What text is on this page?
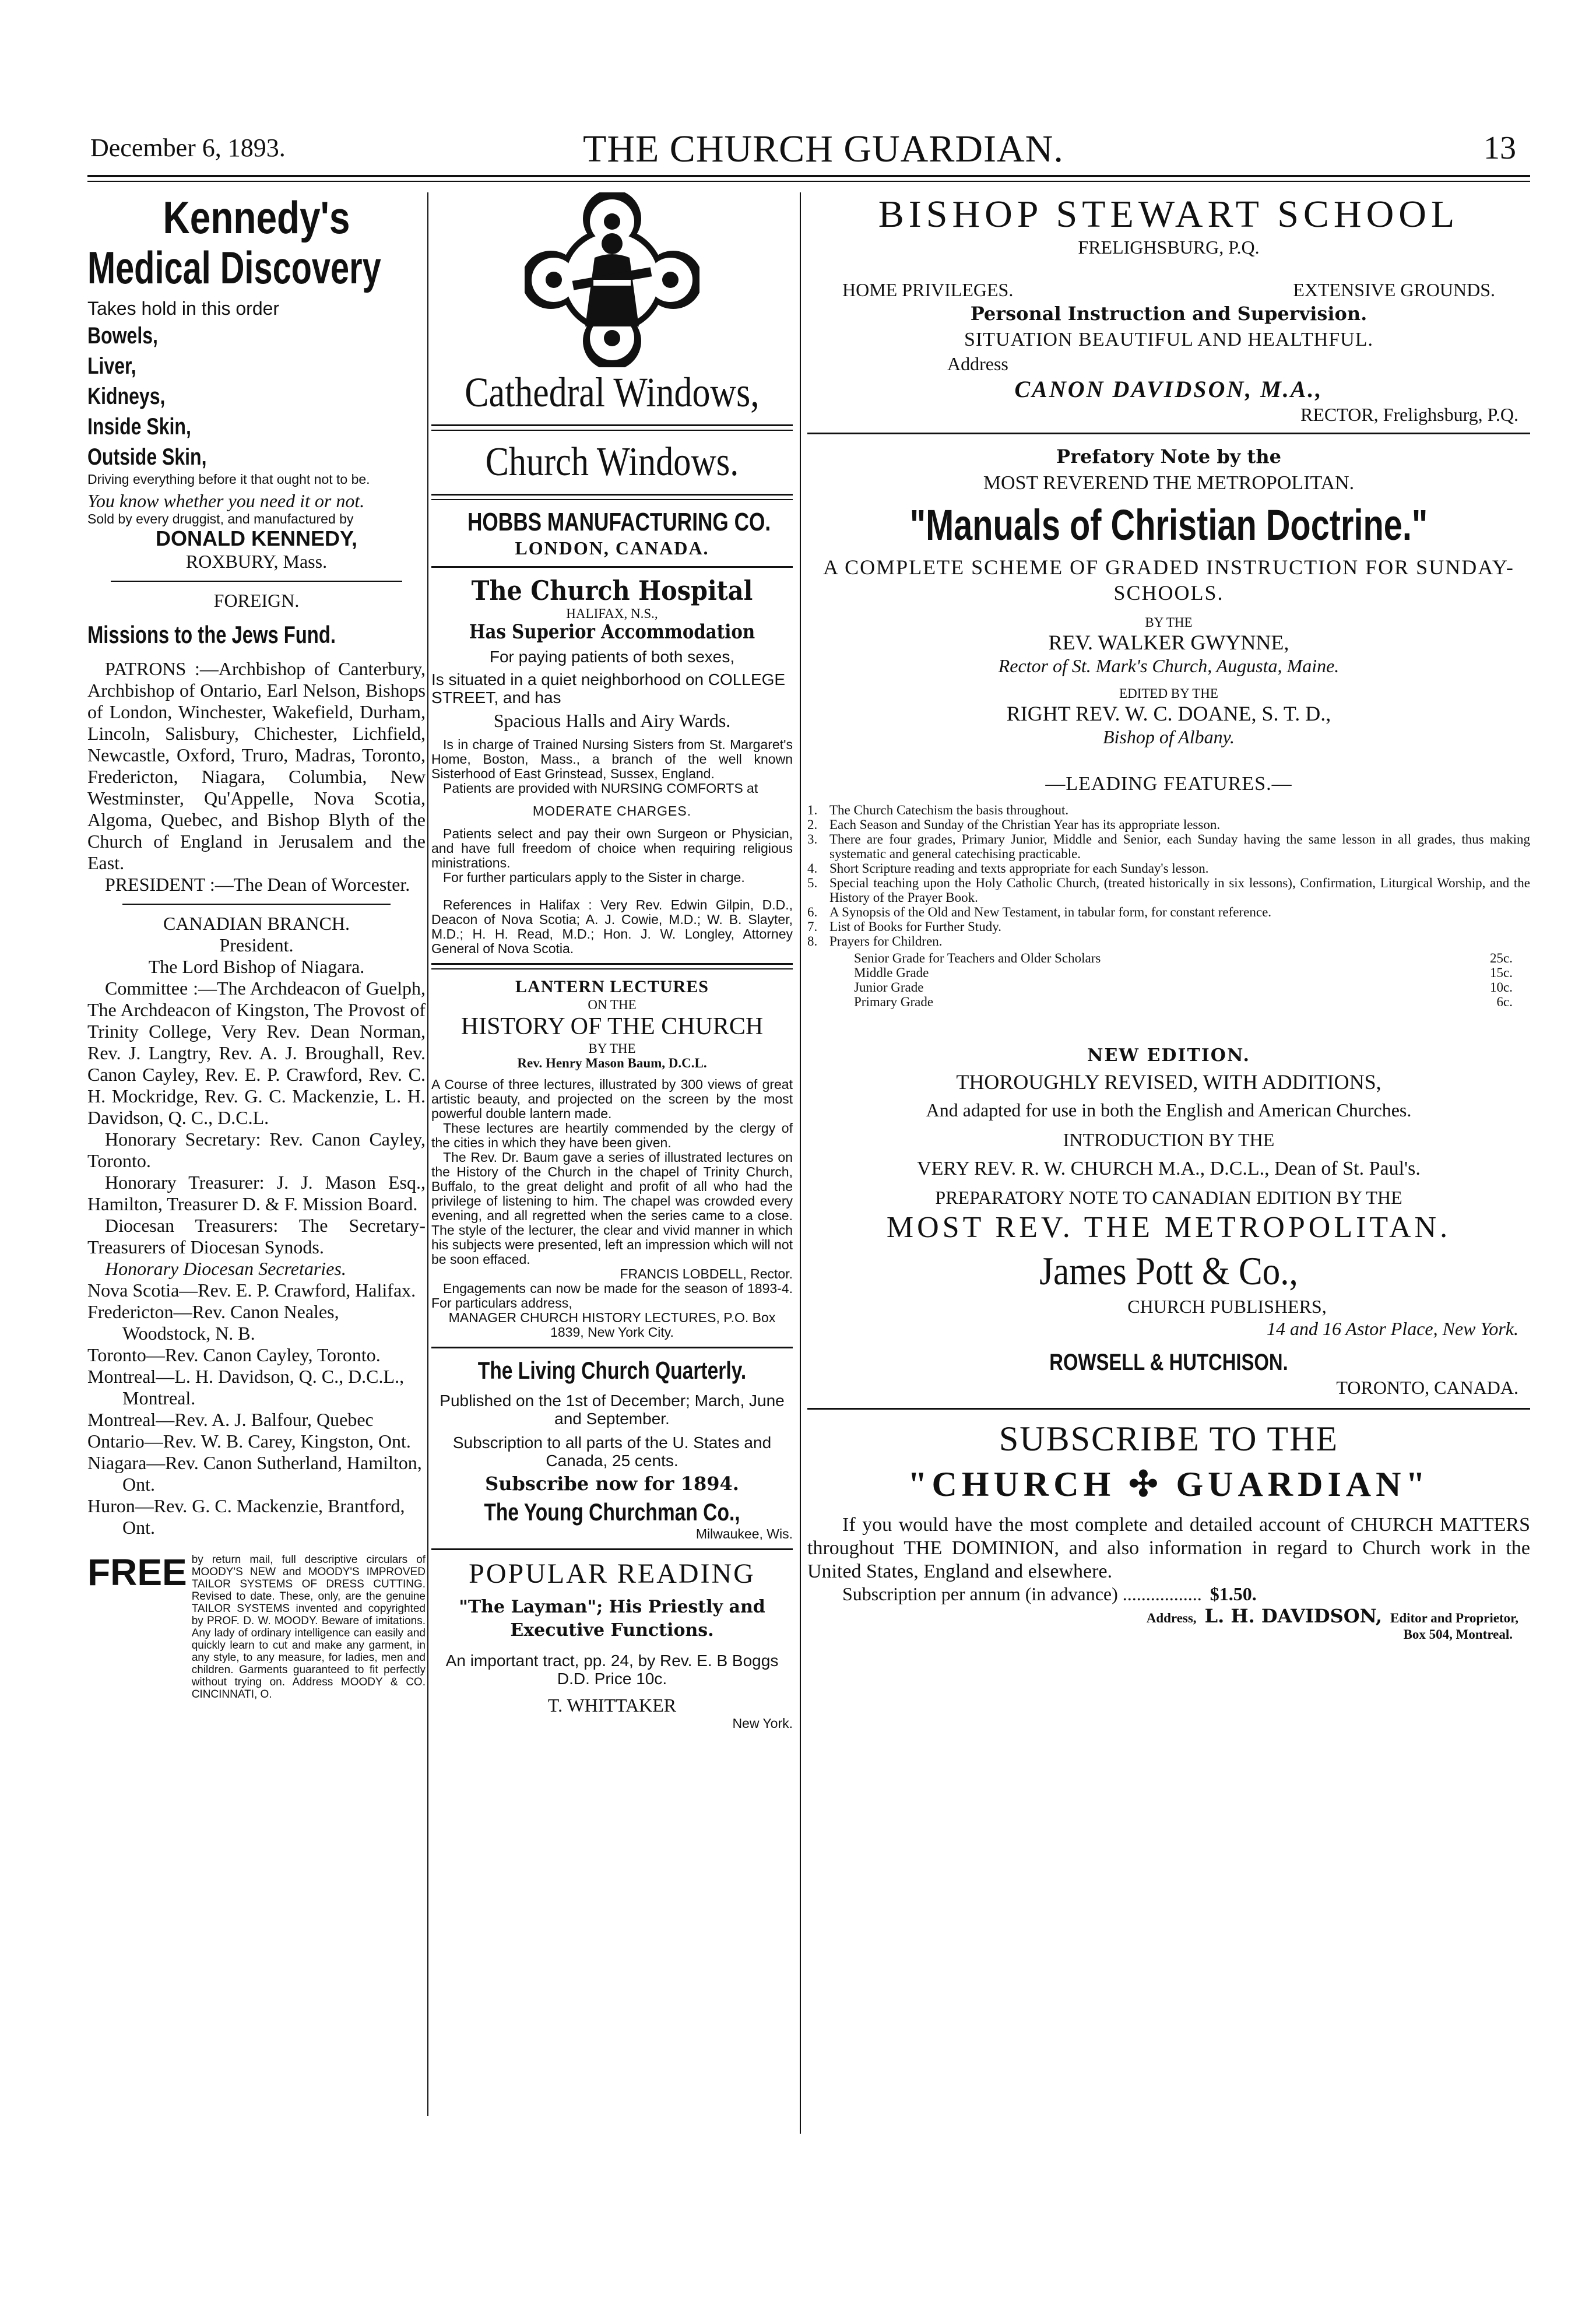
December 6, 1893.	THE CHURCH GUARDIAN.	13

Kennedy's

Medical Discovery

Takes hold in this order

Bowels,

Liver,

Kidneys,

Inside Skin,

Outside Skin,

Driving everything before it that ought not to be.

You know whether you need it or not.

Sold by every druggist, and manufactured by

DONALD KENNEDY,

ROXBURY, Mass.

FOREIGN.

Missions to the Jews Fund.

PATRONS :—Archbishop of Canterbury, Archbishop of Ontario, Earl Nelson, Bishops of London, Winchester, Wakefield, Durham, Lincoln, Salisbury, Chichester, Lichfield, Newcastle, Oxford, Truro, Madras, Toronto, Fredericton, Niagara, Columbia, New Westminster, Qu'Appelle, Nova Scotia, Algoma, Quebec, and Bishop Blyth of the Church of England in Jerusalem and the East.

PRESIDENT :—The Dean of Worcester.

CANADIAN BRANCH.

President.

The Lord Bishop of Niagara.

Committee :—The Archdeacon of Guelph, The Archdeacon of Kingston, The Provost of Trinity College, Very Rev. Dean Norman, Rev. J. Langtry, Rev. A. J. Broughall, Rev. Canon Cayley, Rev. E. P. Crawford, Rev. C. H. Mockridge, Rev. G. C. Mackenzie, L. H. Davidson, Q. C., D.C.L.

Honorary Secretary: Rev. Canon Cayley, Toronto.

Honorary Treasurer: J. J. Mason Esq., Hamilton, Treasurer D. & F. Mission Board.

Diocesan Treasurers: The Secretary-Treasurers of Diocesan Synods.

Honorary Diocesan Secretaries.

Nova Scotia—Rev. E. P. Crawford, Halifax.

Fredericton—Rev. Canon Neales, Woodstock, N. B.

Toronto—Rev. Canon Cayley, Toronto.

Montreal—L. H. Davidson, Q. C., D.C.L., Montreal.

Montreal—Rev. A. J. Balfour, Quebec

Ontario—Rev. W. B. Carey, Kingston, Ont.

Niagara—Rev. Canon Sutherland, Hamilton, Ont.

Huron—Rev. G. C. Mackenzie, Brantford, Ont.

FREE by return mail, full descriptive circulars of MOODY'S NEW and MOODY'S IMPROVED TAILOR SYSTEMS OF DRESS CUTTING. Revised to date. These, only, are the genuine TAILOR SYSTEMS invented and copyrighted by PROF. D. W. MOODY. Beware of imitations. Any lady of ordinary intelligence can easily and quickly learn to cut and make any garment, in any style, to any measure, for ladies, men and children. Garments guaranteed to fit perfectly without trying on. Address MOODY & CO. CINCINNATI, O.

Cathedral Windows,

Church Windows.

HOBBS MANUFACTURING CO.

LONDON, CANADA.

The Church Hospital

HALIFAX, N.S.,

Has Superior Accommodation

For paying patients of both sexes,

Is situated in a quiet neighborhood on COLLEGE STREET, and has

Spacious Halls and Airy Wards.

Is in charge of Trained Nursing Sisters from St. Margaret's Home, Boston, Mass., a branch of the well known Sisterhood of East Grinstead, Sussex, England.

Patients are provided with NURSING COMFORTS at

MODERATE CHARGES.

Patients select and pay their own Surgeon or Physician, and have full freedom of choice when requiring religious ministrations.

For further particulars apply to the Sister in charge.

References in Halifax : Very Rev. Edwin Gilpin, D.D., Deacon of Nova Scotia; A. J. Cowie, M.D.; W. B. Slayter, M.D.; H. H. Read, M.D.; Hon. J. W. Longley, Attorney General of Nova Scotia.

LANTERN LECTURES

ON THE

HISTORY OF THE CHURCH

BY THE

Rev. Henry Mason Baum, D.C.L.

A Course of three lectures, illustrated by 300 views of great artistic beauty, and projected on the screen by the most powerful double lantern made.

These lectures are heartily commended by the clergy of the cities in which they have been given.

The Rev. Dr. Baum gave a series of illustrated lectures on the History of the Church in the chapel of Trinity Church, Buffalo, to the great delight and profit of all who had the privilege of listening to him. The chapel was crowded every evening, and all regretted when the series came to a close. The style of the lecturer, the clear and vivid manner in which his subjects were presented, left an impression which will not be soon effaced.

FRANCIS LOBDELL, Rector.

Engagements can now be made for the season of 1893-4. For particulars address,

MANAGER CHURCH HISTORY LECTURES, P.O. Box 1839, New York City.

The Living Church Quarterly.

Published on the 1st of December; March, June and September.

Subscription to all parts of the U. States and Canada, 25 cents.

Subscribe now for 1894.

The Young Churchman Co.,

Milwaukee, Wis.

POPULAR READING

"The Layman"; His Priestly and Executive Functions.

An important tract, pp. 24, by Rev. E. B Boggs D.D. Price 10c.

T. WHITTAKER

New York.

BISHOP STEWART SCHOOL

FRELIGHSBURG, P.Q.

HOME PRIVILEGES.	EXTENSIVE GROUNDS.

Personal Instruction and Supervision.

SITUATION BEAUTIFUL AND HEALTHFUL.

Address

CANON DAVIDSON, M.A.,

RECTOR, Frelighsburg, P.Q.

Prefatory Note by the

MOST REVEREND THE METROPOLITAN.

"Manuals of Christian Doctrine."

A COMPLETE SCHEME OF GRADED INSTRUCTION FOR SUNDAY-SCHOOLS.

BY THE

REV. WALKER GWYNNE,

Rector of St. Mark's Church, Augusta, Maine.

EDITED BY THE

RIGHT REV. W. C. DOANE, S. T. D.,

Bishop of Albany.

—LEADING FEATURES.—

1. The Church Catechism the basis throughout.
2. Each Season and Sunday of the Christian Year has its appropriate lesson.
3. There are four grades, Primary Junior, Middle and Senior, each Sunday having the same lesson in all grades, thus making systematic and general catechising practicable.
4. Short Scripture reading and texts appropriate for each Sunday's lesson.
5. Special teaching upon the Holy Catholic Church, (treated historically in six lessons), Confirmation, Liturgical Worship, and the History of the Prayer Book.
6. A Synopsis of the Old and New Testament, in tabular form, for constant reference.
7. List of Books for Further Study.
8. Prayers for Children.
Senior Grade for Teachers and Older Scholars	25c.
Middle Grade	15c.
Junior Grade	10c.
Primary Grade	6c.

NEW EDITION.

THOROUGHLY REVISED, WITH ADDITIONS,

And adapted for use in both the English and American Churches.

INTRODUCTION BY THE

VERY REV. R. W. CHURCH M.A., D.C.L., Dean of St. Paul's.

PREPARATORY NOTE TO CANADIAN EDITION BY THE

MOST REV. THE METROPOLITAN.

James Pott & Co.,

CHURCH PUBLISHERS,

14 and 16 Astor Place, New York.

ROWSELL & HUTCHISON.

TORONTO, CANADA.

SUBSCRIBE TO THE

"CHURCH ✣ GUARDIAN"

If you would have the most complete and detailed account of CHURCH MATTERS throughout THE DOMINION, and also information in regard to Church work in the United States, England and elsewhere.

Subscription per annum (in advance) ................. $1.50.
Address, L. H. DAVIDSON, Editor and Proprietor,

Box 504, Montreal.
